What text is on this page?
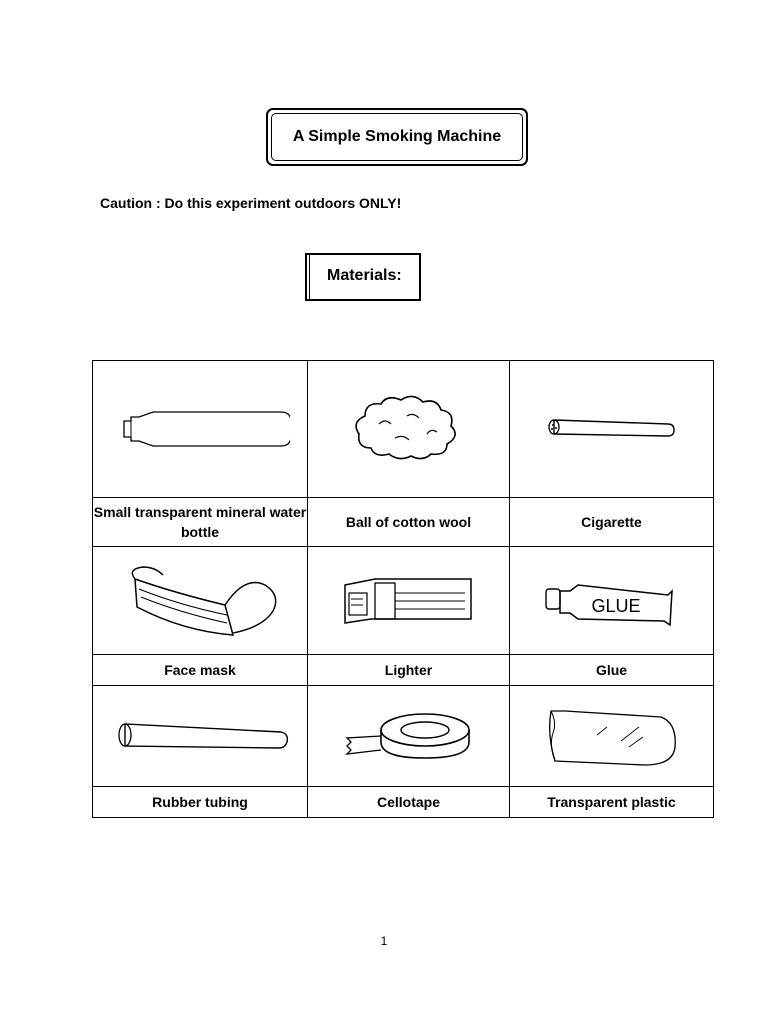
A Simple Smoking Machine
Caution : Do this experiment outdoors ONLY!
Materials:

Small transparent mineral water bottle	Ball of cotton wool	Cigarette

GLUE

Face mask	Lighter	Glue

Rubber tubing	Cellotape	Transparent plastic
1
